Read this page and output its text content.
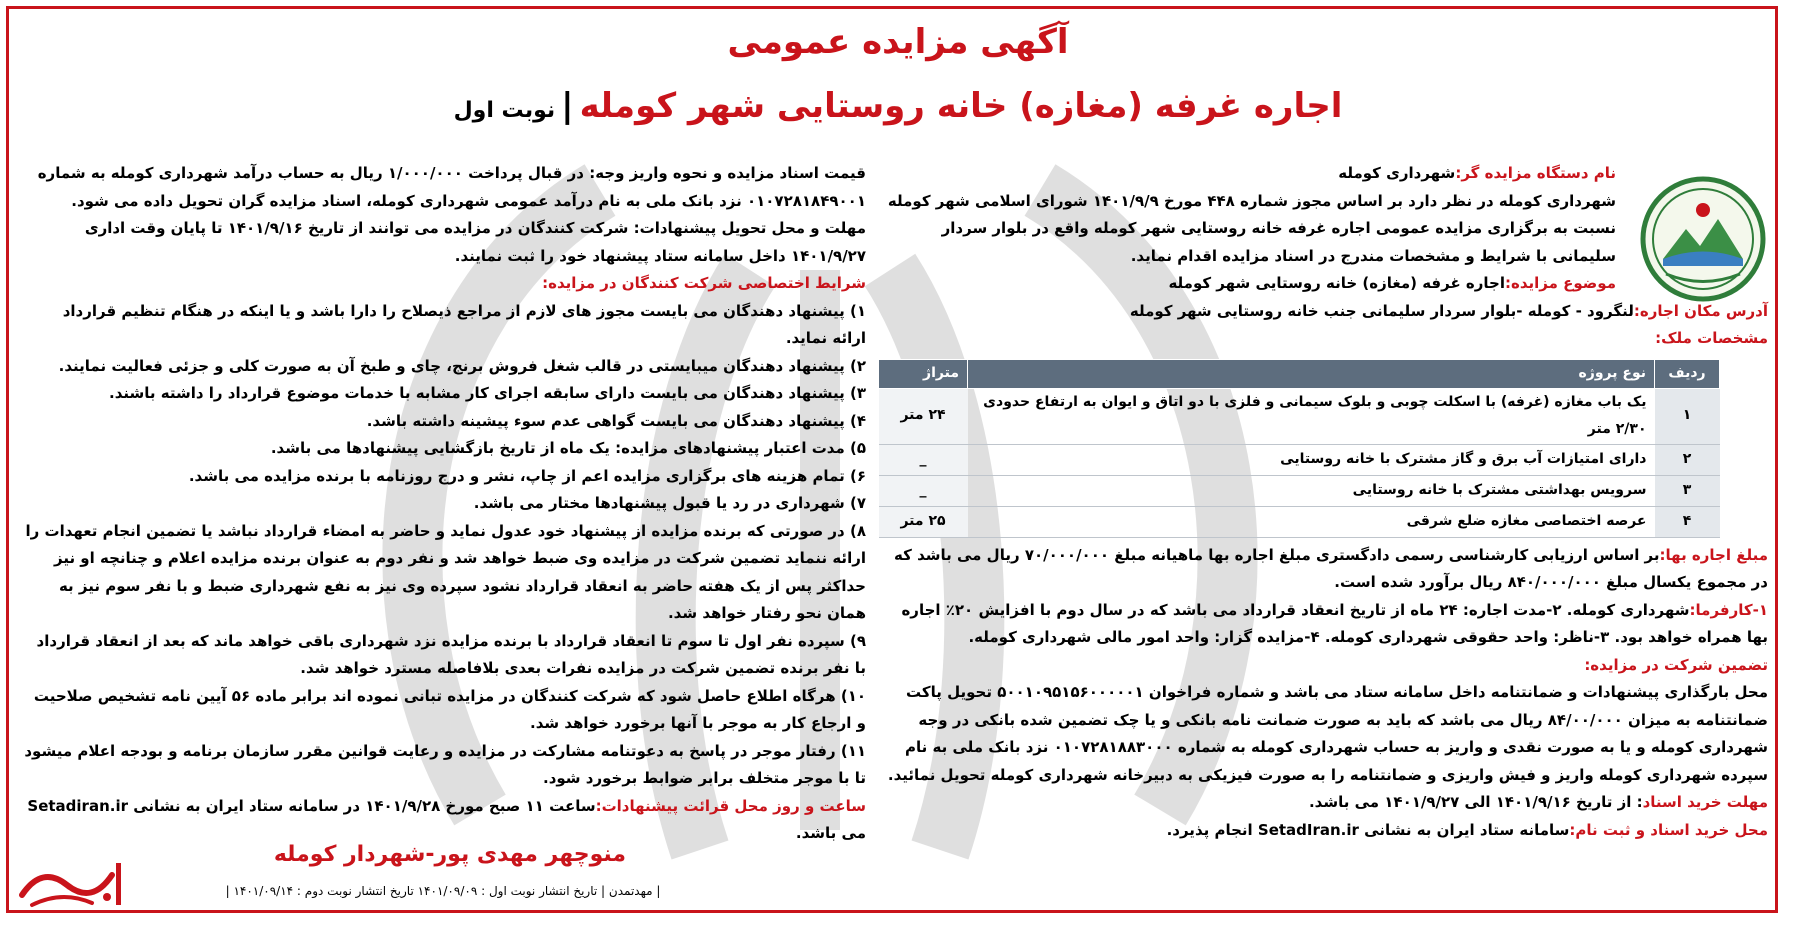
آگهی مزایده عمومی
اجاره غرفه (مغازه) خانه روستایی شهر کومله|نوبت اول

نام دستگاه مزایده گر:شهرداری کومله

شهرداری کومله در نظر دارد بر اساس مجوز شماره ۴۴۸ مورخ ۱۴۰۱/۹/۹ شورای اسلامی شهر کومله نسبت به برگزاری مزایده عمومی اجاره غرفه خانه روستایی شهر کومله واقع در بلوار سردار سلیمانی با شرایط و مشخصات مندرج در اسناد مزایده اقدام نماید.

موضوع مزایده:اجاره غرفه (مغازه) خانه روستایی شهر کومله

آدرس مکان اجاره:لنگرود - کومله -بلوار سردار سلیمانی جنب خانه روستایی شهر کومله

مشخصات ملک:

ردیف	نوع پروژه	متراژ
۱	یک باب مغازه (غرفه) با اسکلت چوبی و بلوک سیمانی و فلزی با دو اتاق و ایوان به ارتفاع حدودی ۲/۳۰ متر	۲۴ متر
۲	دارای امتیازات آب برق و گاز مشترک با خانه روستایی	_
۳	سرویس بهداشتی مشترک با خانه روستایی	_
۴	عرصه اختصاصی مغازه ضلع شرقی	۲۵ متر

مبلغ اجاره بها:بر اساس ارزیابی کارشناسی رسمی دادگستری مبلغ اجاره بها ماهیانه مبلغ ۷۰/۰۰۰/۰۰۰ ریال می باشد که در مجموع یکسال مبلغ ۸۴۰/۰۰۰/۰۰۰ ریال برآورد شده است.

۱-کارفرما:شهرداری کومله. ۲-مدت اجاره: ۲۴ ماه از تاریخ انعقاد قرارداد می باشد که در سال دوم با افزایش ۲۰٪ اجاره بها همراه خواهد بود. ۳-ناظر: واحد حقوقی شهرداری کومله. ۴-مزایده گزار: واحد امور مالی شهرداری کومله.

تضمین شرکت در مزایده:

محل بارگذاری پیشنهادات و ضمانتنامه داخل سامانه ستاد می باشد و شماره فراخوان ۵۰۰۱۰۹۵۱۵۶۰۰۰۰۰۱ تحویل پاکت ضمانتنامه به میزان ۸۴/۰۰/۰۰۰ ریال می باشد که باید به صورت ضمانت نامه بانکی و یا چک تضمین شده بانکی در وجه شهرداری کومله و یا به صورت نقدی و واریز به حساب شهرداری کومله به شماره ۰۱۰۷۲۸۱۸۸۳۰۰۰ نزد بانک ملی به نام سپرده شهرداری کومله واریز و فیش واریزی و ضمانتنامه را به صورت فیزیکی به دبیرخانه شهرداری کومله تحویل نمائید.

مهلت خرید اسناد: از تاریخ ۱۴۰۱/۹/۱۶ الی ۱۴۰۱/۹/۲۷ می باشد.

محل خرید اسناد و ثبت نام:سامانه ستاد ایران به نشانی SetadIran.ir انجام پذیرد.

قیمت اسناد مزایده و نحوه واریز وجه: در قبال پرداخت ۱/۰۰۰/۰۰۰ ریال به حساب درآمد شهرداری کومله به شماره ۰۱۰۷۲۸۱۸۴۹۰۰۱ نزد بانک ملی به نام درآمد عمومی شهرداری کومله، اسناد مزایده گران تحویل داده می شود.

مهلت و محل تحویل پیشنهادات: شرکت کنندگان در مزایده می توانند از تاریخ ۱۴۰۱/۹/۱۶ تا پایان وقت اداری ۱۴۰۱/۹/۲۷ داخل سامانه ستاد پیشنهاد خود را ثبت نمایند.

شرایط اختصاصی شرکت کنندگان در مزایده:

۱) پیشنهاد دهندگان می بایست مجوز های لازم از مراجع ذیصلاح را دارا باشد و یا اینکه در هنگام تنظیم قرارداد ارائه نماید.

۲) پیشنهاد دهندگان میبایستی در قالب شغل فروش برنج، چای و طبخ آن به صورت کلی و جزئی فعالیت نمایند.

۳) پیشنهاد دهندگان می بایست دارای سابقه اجرای کار مشابه با خدمات موضوع قرارداد را داشته باشند.

۴) پیشنهاد دهندگان می بایست گواهی عدم سوء پیشینه داشته باشد.

۵) مدت اعتبار پیشنهادهای مزایده: یک ماه از تاریخ بازگشایی پیشنهادها می باشد.

۶) تمام هزینه های برگزاری مزایده اعم از چاپ، نشر و درج روزنامه با برنده مزایده می باشد.

۷) شهرداری در رد یا قبول پیشنهادها مختار می باشد.

۸) در صورتی که برنده مزایده از پیشنهاد خود عدول نماید و حاضر به امضاء قرارداد نباشد یا تضمین انجام تعهدات را ارائه ننماید تضمین شرکت در مزایده وی ضبط خواهد شد و نفر دوم به عنوان برنده مزایده اعلام و چنانچه او نیز حداکثر پس از یک هفته حاضر به انعقاد قرارداد نشود سپرده وی نیز به نفع شهرداری ضبط و با نفر سوم نیز به همان نحو رفتار خواهد شد.

۹) سپرده نفر اول تا سوم تا انعقاد قرارداد با برنده مزایده نزد شهرداری باقی خواهد ماند که بعد از انعقاد قرارداد با نفر برنده تضمین شرکت در مزایده نفرات بعدی بلافاصله مسترد خواهد شد.

۱۰) هرگاه اطلاع حاصل شود که شرکت کنندگان در مزایده تبانی نموده اند برابر ماده ۵۶ آیین نامه تشخیص صلاحیت و ارجاع کار به موجر با آنها برخورد خواهد شد.

۱۱) رفتار موجر در پاسخ به دعوتنامه مشارکت در مزایده و رعایت قوانین مقرر سازمان برنامه و بودجه اعلام میشود تا با موجر متخلف برابر ضوابط برخورد شود.

ساعت و روز محل قرائت پیشنهادات:ساعت ۱۱ صبح مورخ ۱۴۰۱/۹/۲۸ در سامانه ستاد ایران به نشانی Setadiran.ir می باشد.

منوچهر مهدی پور-شهردار کومله
| مهدتمدن | تاریخ انتشار نوبت اول : ۱۴۰۱/۰۹/۰۹ تاریخ انتشار نوبت دوم : ۱۴۰۱/۰۹/۱۴ |
